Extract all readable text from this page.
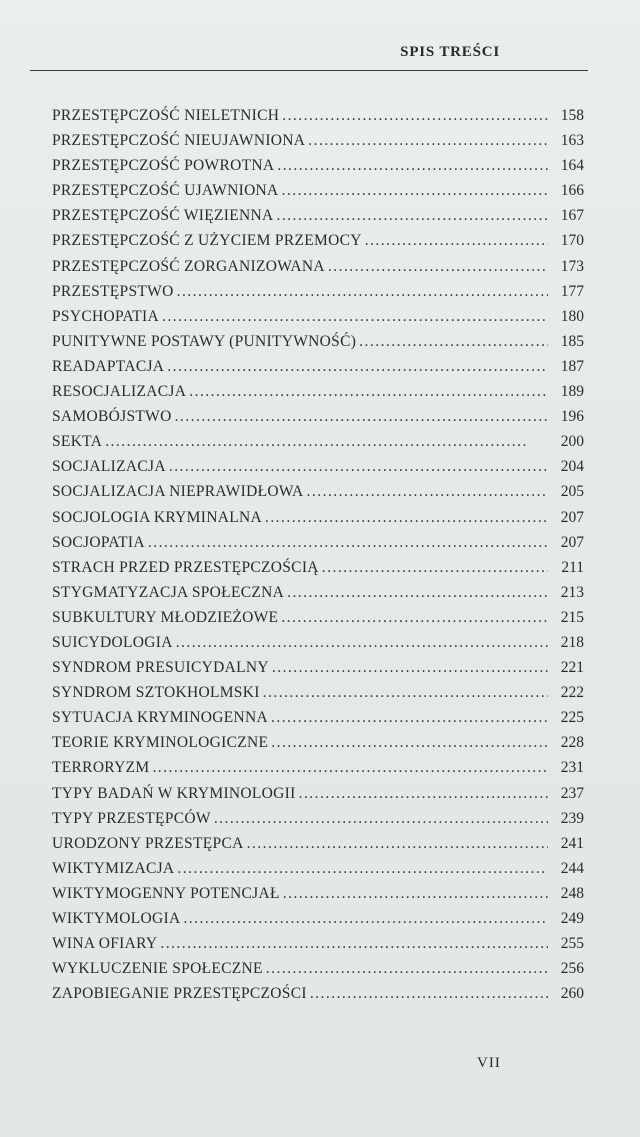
SPIS TREŚCI
PRZESTĘPCZOŚĆ NIELETNICH . . .	158
PRZESTĘPCZOŚĆ NIEUJAWNIONA . . .	163
PRZESTĘPCZOŚĆ POWROTNA . . .	164
PRZESTĘPCZOŚĆ UJAWNIONA . . .	166
PRZESTĘPCZOŚĆ WIĘZIENNA . . .	167
PRZESTĘPCZOŚĆ Z UŻYCIEM PRZEMOCY . . .	170
PRZESTĘPCZOŚĆ ZORGANIZOWANA . . .	173
PRZESTĘPSTWO . . .	177
PSYCHOPATIA . . .	180
PUNITYWNE POSTAWY (PUNITYWNOŚĆ) . . .	185
READAPTACJA . . .	187
RESOCJALIZACJA . . .	189
SAMOBÓJSTWO . . .	196
SEKTA . . .	200
SOCJALIZACJA . . .	204
SOCJALIZACJA NIEPRAWIDŁOWA . . .	205
SOCJOLOGIA KRYMINALNA . . .	207
SOCJOPATIA . . .	207
STRACH PRZED PRZESTĘPCZOŚCIĄ . . .	211
STYGMATYZACJA SPOŁECZNA . . .	213
SUBKULTURY MŁODZIEŻOWE . . .	215
SUICYDOLOGIA . . .	218
SYNDROM PRESUICYDALNY . . .	221
SYNDROM SZTOKHOLMSKI . . .	222
SYTUACJA KRYMINOGENNA . . .	225
TEORIE KRYMINOLOGICZNE . . .	228
TERRORYZM . . .	231
TYPY BADAŃ W KRYMINOLOGII . . .	237
TYPY PRZESTĘPCÓW . . .	239
URODZONY PRZESTĘPCA . . .	241
WIKTYMIZACJA . . .	244
WIKTYMOGENNY POTENCJAŁ . . .	248
WIKTYMOLOGIA . . .	249
WINA OFIARY . . .	255
WYKLUCZENIE SPOŁECZNE . . .	256
ZAPOBIEGANIE PRZESTĘPCZOŚCI . . .	260
VII
